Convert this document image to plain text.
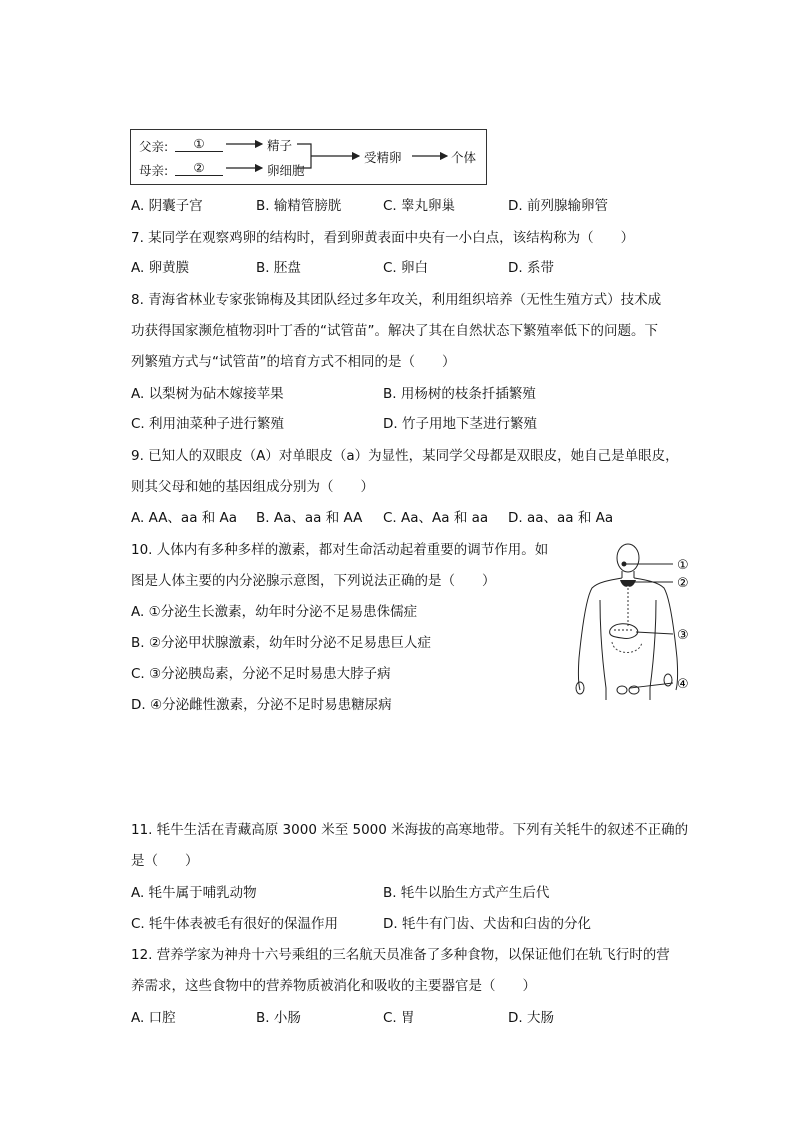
父亲:	①	精子
母亲:	②	卵细胞
受精卵	个体
A. 阴囊子宫	B. 输精管膀胱	C. 睾丸卵巢	D. 前列腺输卵管
7. 某同学在观察鸡卵的结构时，看到卵黄表面中央有一小白点，该结构称为（　　）
A. 卵黄膜	B. 胚盘	C. 卵白	D. 系带
8. 青海省林业专家张锦梅及其团队经过多年攻关，利用组织培养（无性生殖方式）技术成
功获得国家濒危植物羽叶丁香的“试管苗”。解决了其在自然状态下繁殖率低下的问题。下
列繁殖方式与“试管苗”的培育方式不相同的是（　　）
A. 以梨树为砧木嫁接苹果	B. 用杨树的枝条扦插繁殖
C. 利用油菜种子进行繁殖	D. 竹子用地下茎进行繁殖
9. 已知人的双眼皮（A）对单眼皮（a）为显性，某同学父母都是双眼皮，她自己是单眼皮，
则其父母和她的基因组成分别为（　　）
A. AA、aa 和 Aa B. Aa、aa 和 AA C. Aa、Aa 和 aa D. aa、aa 和 Aa
10. 人体内有多种多样的激素，都对生命活动起着重要的调节作用。如
图是人体主要的内分泌腺示意图，下列说法正确的是（　　）
A. ①分泌生长激素，幼年时分泌不足易患侏儒症
B. ②分泌甲状腺激素，幼年时分泌不足易患巨人症
C. ③分泌胰岛素，分泌不足时易患大脖子病
D. ④分泌雌性激素，分泌不足时易患糖尿病
①
②
③
④
11. 牦牛生活在青藏高原 3000 米至 5000 米海拔的高寒地带。下列有关牦牛的叙述不正确的
是（　　）
A. 牦牛属于哺乳动物	B. 牦牛以胎生方式产生后代
C. 牦牛体表被毛有很好的保温作用	D. 牦牛有门齿、犬齿和臼齿的分化
12. 营养学家为神舟十六号乘组的三名航天员准备了多种食物，以保证他们在轨飞行时的营
养需求，这些食物中的营养物质被消化和吸收的主要器官是（　　）
A. 口腔	B. 小肠	C. 胃	D. 大肠
